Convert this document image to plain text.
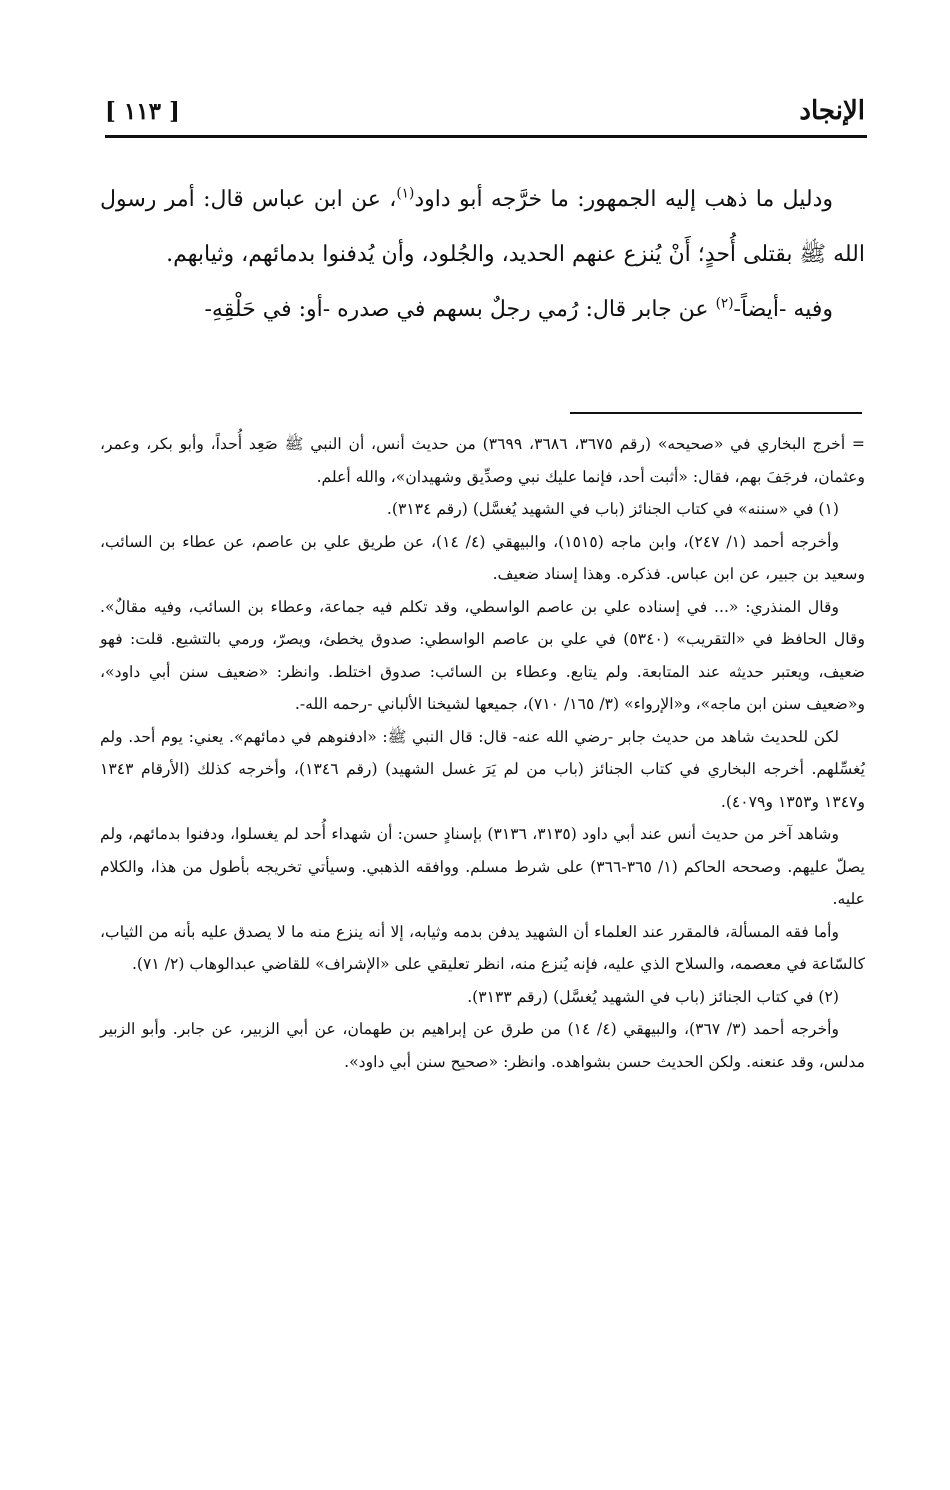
الإنجاد
[ ١١٣ ]

ودليل ما ذهب إليه الجمهور: ما خرَّجه أبو داود$^{(١)}$، عن ابن عباس قال: أمر رسول الله ﷺ بقتلى أُحدٍ؛ أَنْ يُنزع عنهم الحديد، والجُلود، وأن يُدفنوا بدمائهم، وثيابهم.

وفيه -أيضاً-$^{(٢)}$ عن جابر قال: رُمي رجلٌ بسهم في صدره -أو: في حَلْقِهِ-

= أخرج البخاري في «صحيحه» (رقم ٣٦٧٥، ٣٦٨٦، ٣٦٩٩) من حديث أنس، أن النبي ﷺ صَعِد أُحداً، وأبو بكر، وعمر، وعثمان، فرجَفَ بهم، فقال: «أثبت أحد، فإنما عليك نبي وصدِّيق وشهيدان»، والله أعلم.

(١) في «سننه» في كتاب الجنائز (باب في الشهيد يُغسَّل) (رقم ٣١٣٤).

وأخرجه أحمد (١/ ٢٤٧)، وابن ماجه (١٥١٥)، والبيهقي (٤/ ١٤)، عن طريق علي بن عاصم، عن عطاء بن السائب، وسعيد بن جبير، عن ابن عباس. فذكره. وهذا إسناد ضعيف.

وقال المنذري: «... في إسناده علي بن عاصم الواسطي، وقد تكلم فيه جماعة، وعطاء بن السائب، وفيه مقالٌ». وقال الحافظ في «التقريب» (٥٣٤٠) في علي بن عاصم الواسطي: صدوق يخطئ، ويصرّ، ورمي بالتشيع. قلت: فهو ضعيف، ويعتبر حديثه عند المتابعة. ولم يتابع. وعطاء بن السائب: صدوق اختلط. وانظر: «ضعيف سنن أبي داود»، و«ضعيف سنن ابن ماجه»، و«الإرواء» (٣/ ١٦٥/ ٧١٠)، جميعها لشيخنا الألباني -رحمه الله-.

لكن للحديث شاهد من حديث جابر -رضي الله عنه- قال: قال النبي ﷺ: «ادفنوهم في دمائهم». يعني: يوم أحد. ولم يُغسِّلهم. أخرجه البخاري في كتاب الجنائز (باب من لم يَرَ غسل الشهيد) (رقم ١٣٤٦)، وأخرجه كذلك (الأرقام ١٣٤٣ و١٣٤٧ و١٣٥٣ و٤٠٧٩).

وشاهد آخر من حديث أنس عند أبي داود (٣١٣٥، ٣١٣٦) بإسنادٍ حسن: أن شهداء أُحد لم يغسلوا، ودفنوا بدمائهم، ولم يصلّ عليهم. وصححه الحاكم (١/ ٣٦٥-٣٦٦) على شرط مسلم. ووافقه الذهبي. وسيأتي تخريجه بأطول من هذا، والكلام عليه.

وأما فقه المسألة، فالمقرر عند العلماء أن الشهيد يدفن بدمه وثيابه، إلا أنه ينزع منه ما لا يصدق عليه بأنه من الثياب، كالسّاعة في معصمه، والسلاح الذي عليه، فإنه يُنزع منه، انظر تعليقي على «الإشراف» للقاضي عبدالوهاب (٢/ ٧١).

(٢) في كتاب الجنائز (باب في الشهيد يُغسَّل) (رقم ٣١٣٣).

وأخرجه أحمد (٣/ ٣٦٧)، والبيهقي (٤/ ١٤) من طرق عن إبراهيم بن طهمان، عن أبي الزبير، عن جابر. وأبو الزبير مدلس، وقد عنعنه. ولكن الحديث حسن بشواهده. وانظر: «صحيح سنن أبي داود».
